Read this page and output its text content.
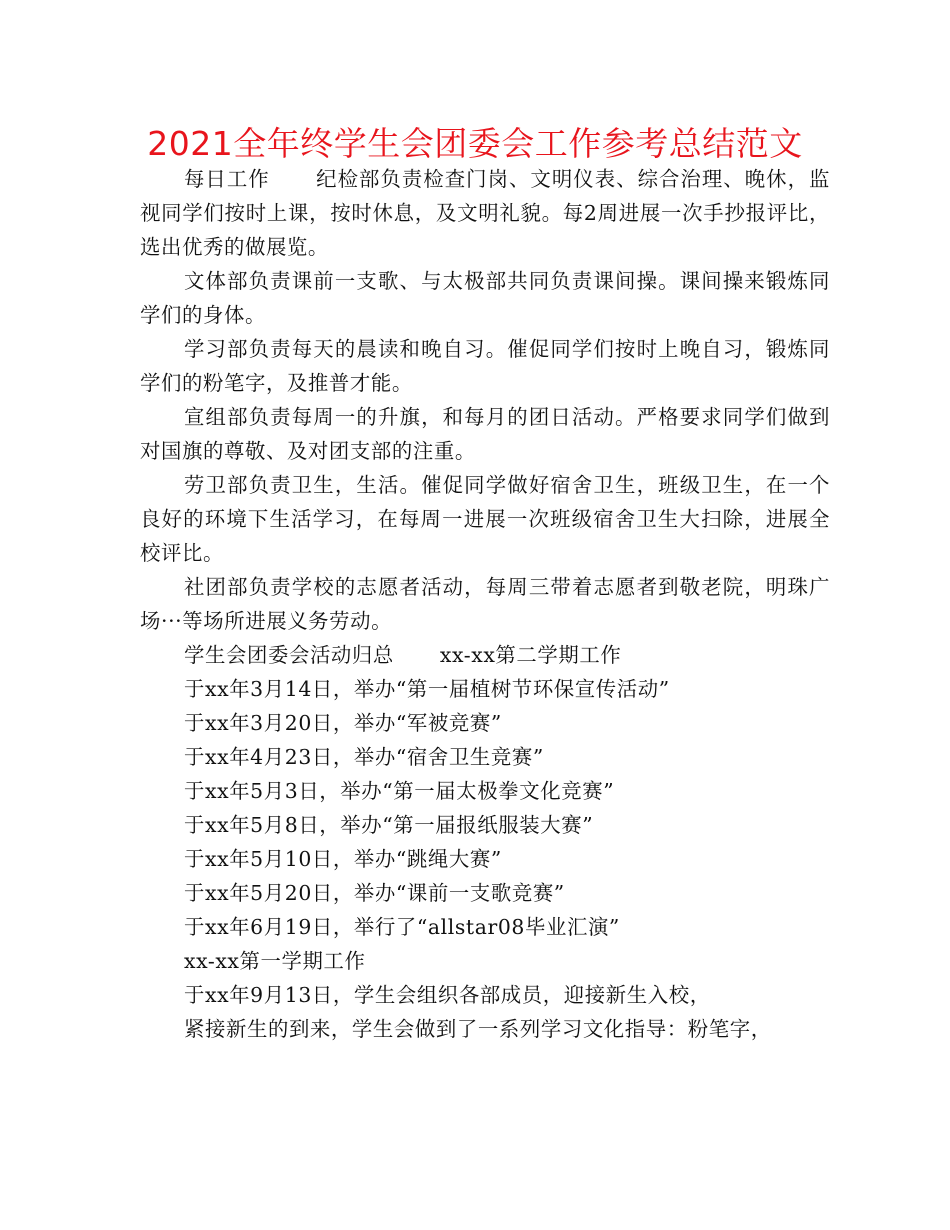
2021全年终学生会团委会工作参考总结范文

每日工作 纪检部负责检查门岗、文明仪表、综合治理、晚休，监视同学们按时上课，按时休息，及文明礼貌。每2周进展一次手抄报评比，选出优秀的做展览。

文体部负责课前一支歌、与太极部共同负责课间操。课间操来锻炼同学们的身体。

学习部负责每天的晨读和晚自习。催促同学们按时上晚自习，锻炼同学们的粉笔字，及推普才能。

宣组部负责每周一的升旗，和每月的团日活动。严格要求同学们做到对国旗的尊敬、及对团支部的注重。

劳卫部负责卫生，生活。催促同学做好宿舍卫生，班级卫生，在一个良好的环境下生活学习，在每周一进展一次班级宿舍卫生大扫除，进展全校评比。

社团部负责学校的志愿者活动，每周三带着志愿者到敬老院，明珠广场···等场所进展义务劳动。

学生会团委会活动归总 xx-xx第二学期工作

于xx年3月14日，举办“第一届植树节环保宣传活动”

于xx年3月20日，举办“军被竞赛”

于xx年4月23日，举办“宿舍卫生竞赛”

于xx年5月3日，举办“第一届太极拳文化竞赛”

于xx年5月8日，举办“第一届报纸服装大赛”

于xx年5月10日，举办“跳绳大赛”

于xx年5月20日，举办“课前一支歌竞赛”

于xx年6月19日，举行了“allstar08毕业汇演”

xx-xx第一学期工作

于xx年9月13日，学生会组织各部成员，迎接新生入校，

紧接新生的到来，学生会做到了一系列学习文化指导：粉笔字，
